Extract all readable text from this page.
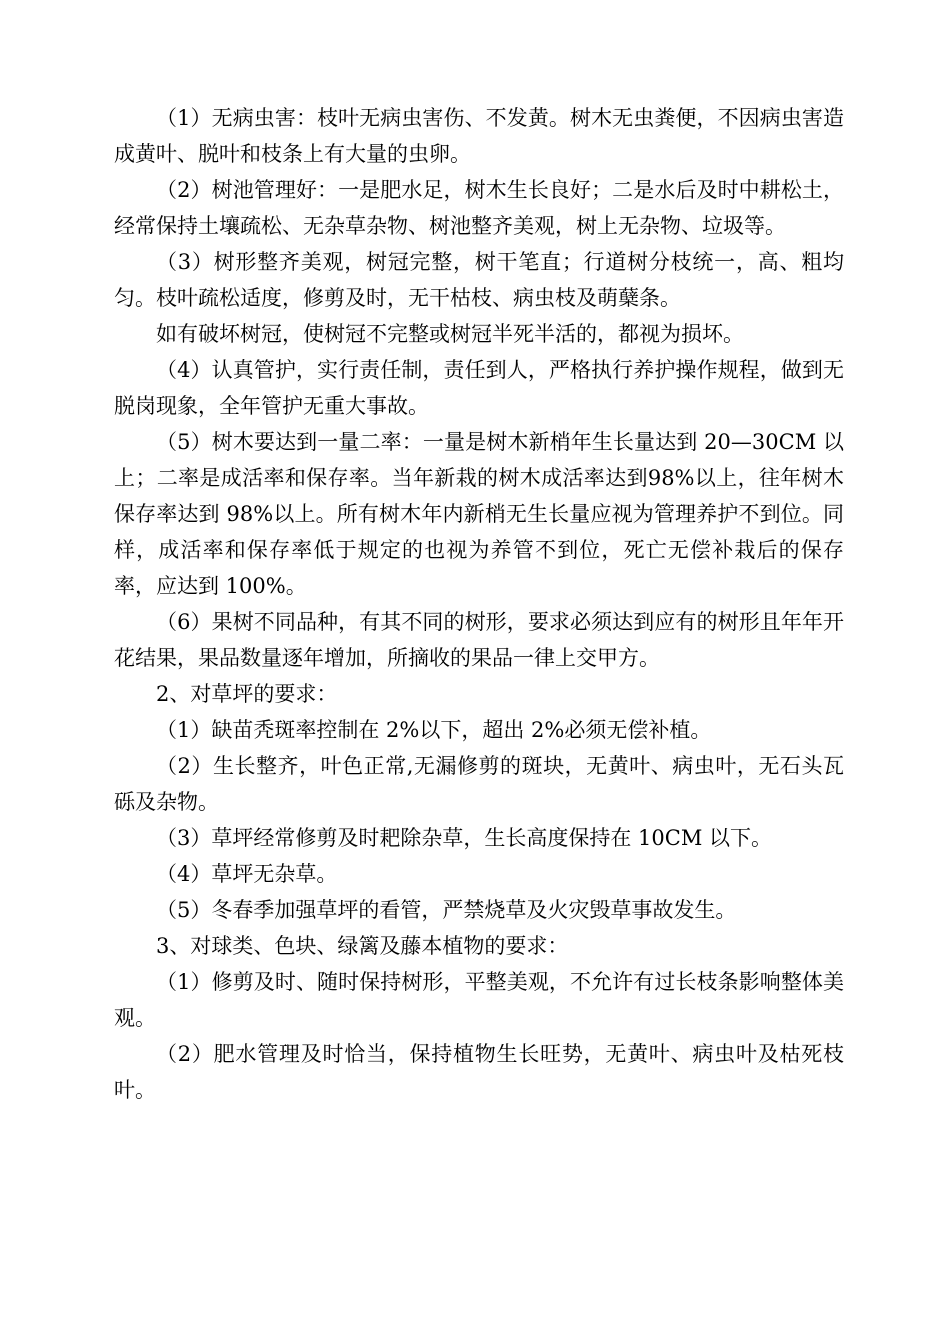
（1）无病虫害：枝叶无病虫害伤、不发黄。树木无虫粪便，不因病虫害造成黄叶、脱叶和枝条上有大量的虫卵。

（2）树池管理好：一是肥水足，树木生长良好；二是水后及时中耕松土，经常保持土壤疏松、无杂草杂物、树池整齐美观，树上无杂物、垃圾等。

（3）树形整齐美观，树冠完整，树干笔直；行道树分枝统一，高、粗均匀。枝叶疏松适度，修剪及时，无干枯枝、病虫枝及萌蘖条。

如有破坏树冠，使树冠不完整或树冠半死半活的，都视为损坏。

（4）认真管护，实行责任制，责任到人，严格执行养护操作规程，做到无脱岗现象，全年管护无重大事故。

（5）树木要达到一量二率：一量是树木新梢年生长量达到 20—30CM 以上；二率是成活率和保存率。当年新栽的树木成活率达到98%以上，往年树木保存率达到 98%以上。所有树木年内新梢无生长量应视为管理养护不到位。同样，成活率和保存率低于规定的也视为养管不到位，死亡无偿补栽后的保存率，应达到 100%。

（6）果树不同品种，有其不同的树形，要求必须达到应有的树形且年年开花结果，果品数量逐年增加，所摘收的果品一律上交甲方。

2、对草坪的要求：

（1）缺苗秃斑率控制在 2%以下，超出 2%必须无偿补植。

（2）生长整齐，叶色正常,无漏修剪的斑块，无黄叶、病虫叶，无石头瓦砾及杂物。

（3）草坪经常修剪及时耙除杂草，生长高度保持在 10CM 以下。

（4）草坪无杂草。

（5）冬春季加强草坪的看管，严禁烧草及火灾毁草事故发生。

3、对球类、色块、绿篱及藤本植物的要求：

（1）修剪及时、随时保持树形，平整美观，不允许有过长枝条影响整体美观。

（2）肥水管理及时恰当，保持植物生长旺势，无黄叶、病虫叶及枯死枝叶。
